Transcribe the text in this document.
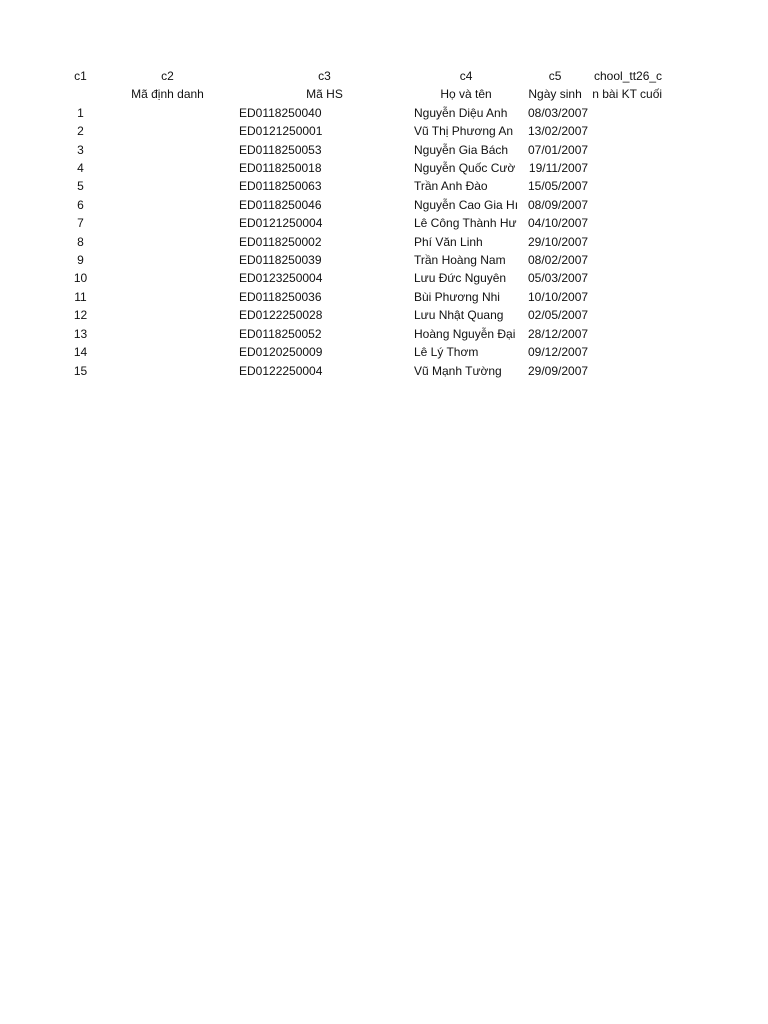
c1	c2	c3	c4	c5	chool_tt26_c
	Mã định danh	Mã HS	Họ và tên	Ngày sinh	n bài KT cuối
1		ED0118250040	Nguyễn Diệu Anh	08/03/2007	
2		ED0121250001	Vũ Thị Phương An	13/02/2007	
3		ED0118250053	Nguyễn Gia Bách	07/01/2007	
4		ED0118250018	Nguyễn Quốc Cườ	19/11/2007	
5		ED0118250063	Trần Anh Đào	15/05/2007	
6		ED0118250046	Nguyễn Cao Gia Hı	08/09/2007	
7		ED0121250004	Lê Công Thành Hư	04/10/2007	
8		ED0118250002	Phí Văn Linh	29/10/2007	
9		ED0118250039	Trần Hoàng Nam	08/02/2007	
10		ED0123250004	Lưu Đức Nguyên	05/03/2007	
11		ED0118250036	Bùi Phương Nhi	10/10/2007	
12		ED0122250028	Lưu Nhật Quang	02/05/2007	
13		ED0118250052	Hoàng Nguyễn Đại	28/12/2007	
14		ED0120250009	Lê Lý Thơm	09/12/2007	
15		ED0122250004	Vũ Mạnh Tường	29/09/2007	
